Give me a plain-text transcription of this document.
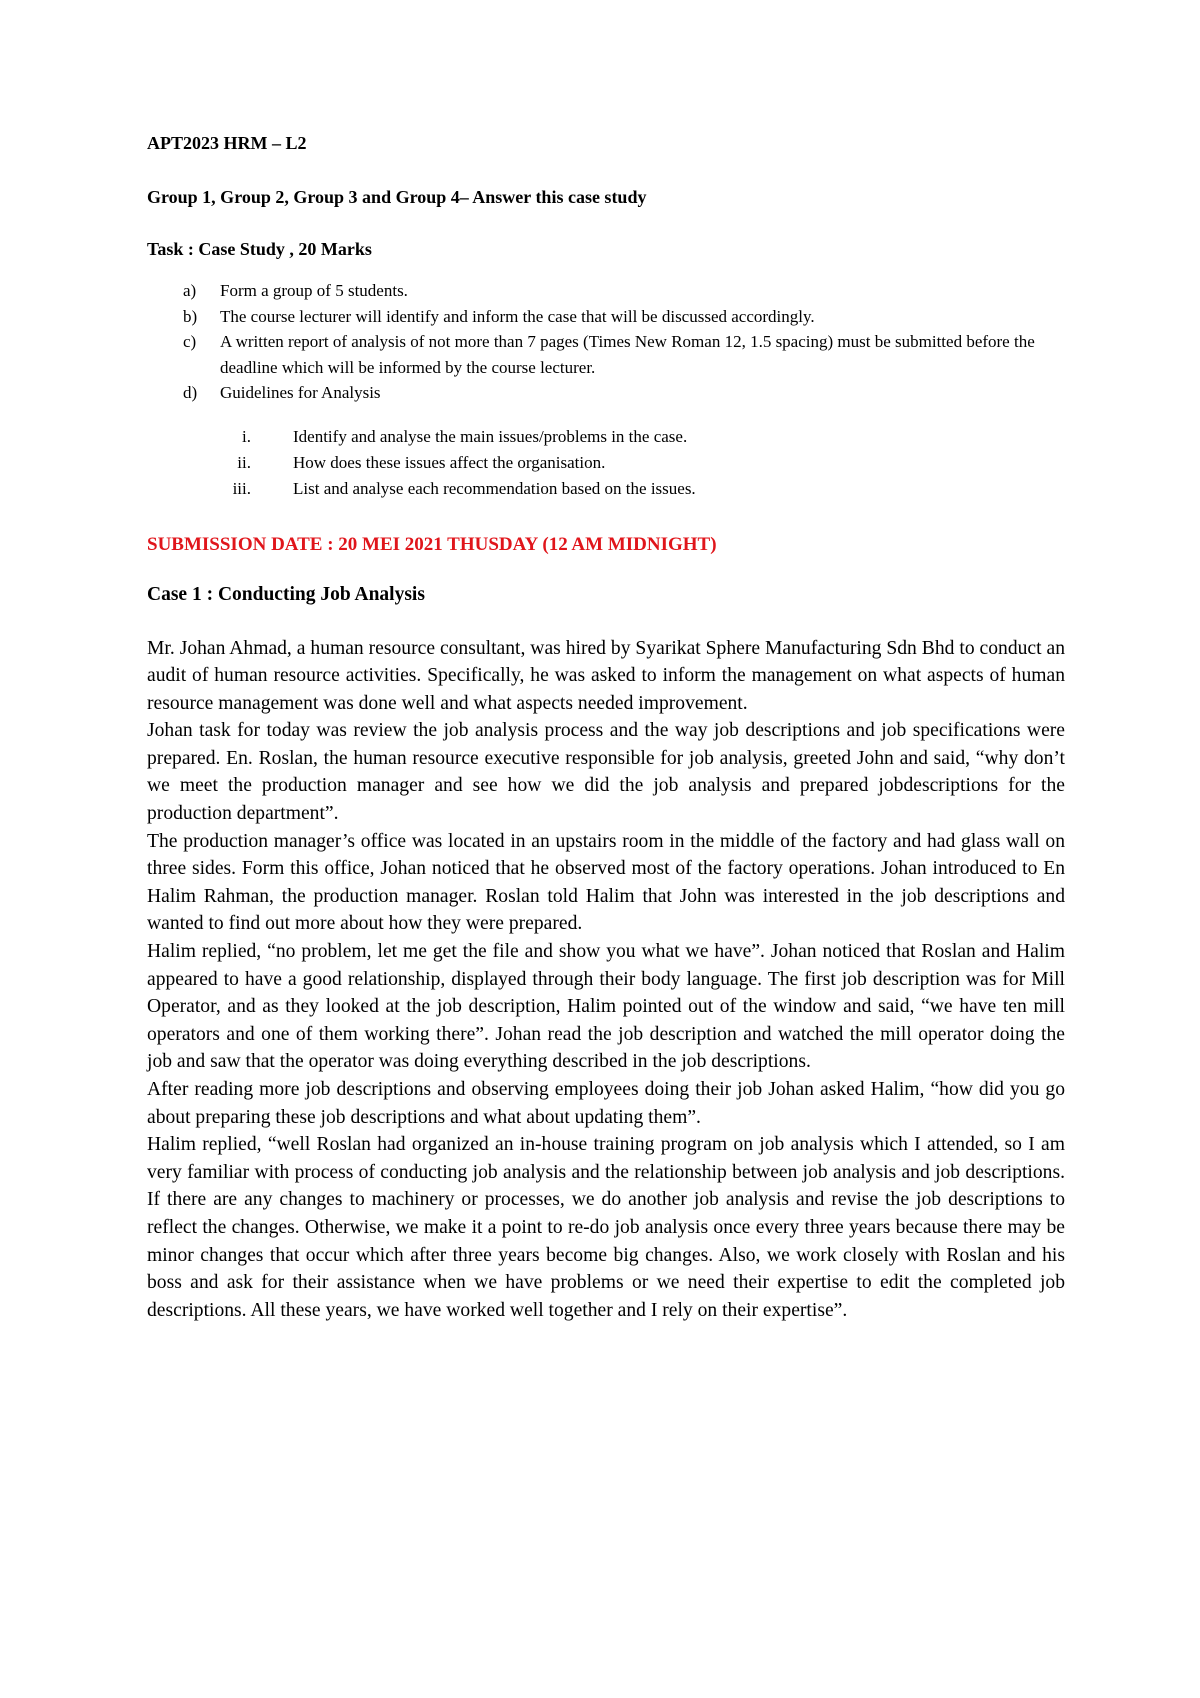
APT2023 HRM – L2

Group 1, Group 2, Group 3 and Group 4– Answer this case study

Task : Case Study , 20 Marks

a) Form a group of 5 students.
b) The course lecturer will identify and inform the case that will be discussed accordingly.
c) A written report of analysis of not more than 7 pages (Times New Roman 12, 1.5 spacing) must be submitted before the deadline which will be informed by the course lecturer.
d) Guidelines for Analysis
i. Identify and analyse the main issues/problems in the case.
ii. How does these issues affect the organisation.
iii. List and analyse each recommendation based on the issues.

SUBMISSION DATE : 20 MEI 2021 THUSDAY (12 AM MIDNIGHT)

Case 1 : Conducting Job Analysis

Mr. Johan Ahmad, a human resource consultant, was hired by Syarikat Sphere Manufacturing Sdn Bhd to conduct an audit of human resource activities. Specifically, he was asked to inform the management on what aspects of human resource management was done well and what aspects needed improvement.

Johan task for today was review the job analysis process and the way job descriptions and job specifications were prepared. En. Roslan, the human resource executive responsible for job analysis, greeted John and said, “why don’t we meet the production manager and see how we did the job analysis and prepared jobdescriptions for the production department”.

The production manager’s office was located in an upstairs room in the middle of the factory and had glass wall on three sides. Form this office, Johan noticed that he observed most of the factory operations. Johan introduced to En Halim Rahman, the production manager. Roslan told Halim that John was interested in the job descriptions and wanted to find out more about how they were prepared.

Halim replied, “no problem, let me get the file and show you what we have”. Johan noticed that Roslan and Halim appeared to have a good relationship, displayed through their body language. The first job description was for Mill Operator, and as they looked at the job description, Halim pointed out of the window and said, “we have ten mill operators and one of them working there”. Johan read the job description and watched the mill operator doing the job and saw that the operator was doing everything described in the job descriptions.

After reading more job descriptions and observing employees doing their job Johan asked Halim, “how did you go about preparing these job descriptions and what about updating them”.

Halim replied, “well Roslan had organized an in-house training program on job analysis which I attended, so I am very familiar with process of conducting job analysis and the relationship between job analysis and job descriptions. If there are any changes to machinery or processes, we do another job analysis and revise the job descriptions to reflect the changes. Otherwise, we make it a point to re-do job analysis once every three years because there may be minor changes that occur which after three years become big changes. Also, we work closely with Roslan and his boss and ask for their assistance when we have problems or we need their expertise to edit the completed job descriptions. All these years, we have worked well together and I rely on their expertise”.
